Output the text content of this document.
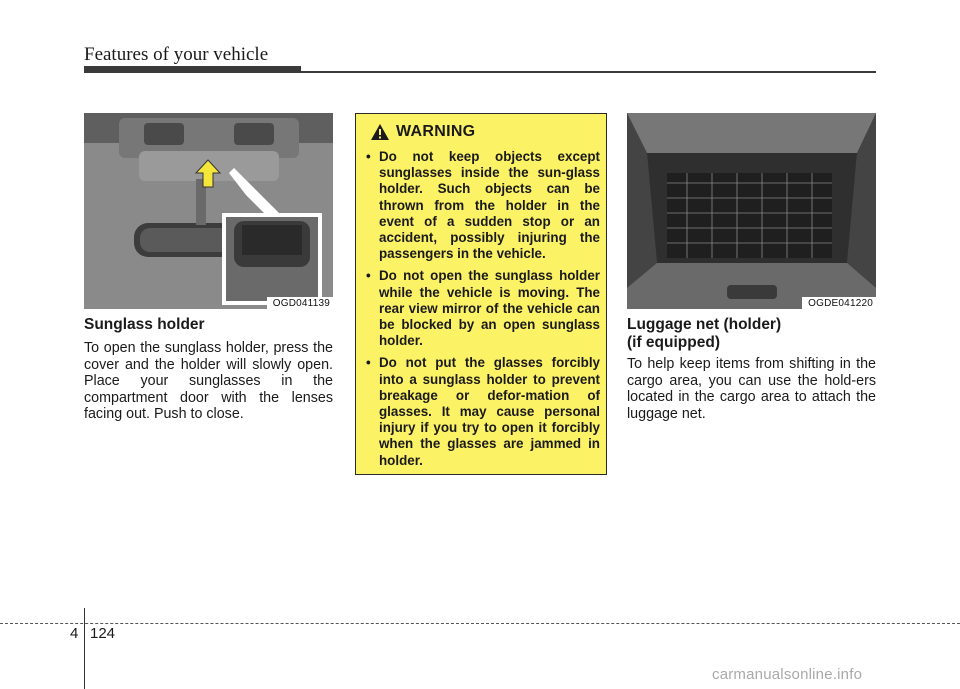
Features of your vehicle
OGD041139
Sunglass holder
To open the sunglass holder, press the cover and the holder will slowly open. Place your sunglasses in the compartment door with the lenses facing out. Push to close.
WARNING
• Do not keep objects except sunglasses inside the sun-glass holder. Such objects can be thrown from the holder in the event of a sudden stop or an accident, possibly injuring the passengers in the vehicle.
• Do not open the sunglass holder while the vehicle is moving. The rear view mirror of the vehicle can be blocked by an open sunglass holder.
• Do not put the glasses forcibly into a sunglass holder to prevent breakage or defor-mation of glasses. It may cause personal injury if you try to open it forcibly when the glasses are jammed in holder.
OGDE041220
Luggage net (holder)
(if equipped)
To help keep items from shifting in the cargo area, you can use the hold-ers located in the cargo area to attach the luggage net.
4 124
carmanualsonline.info
